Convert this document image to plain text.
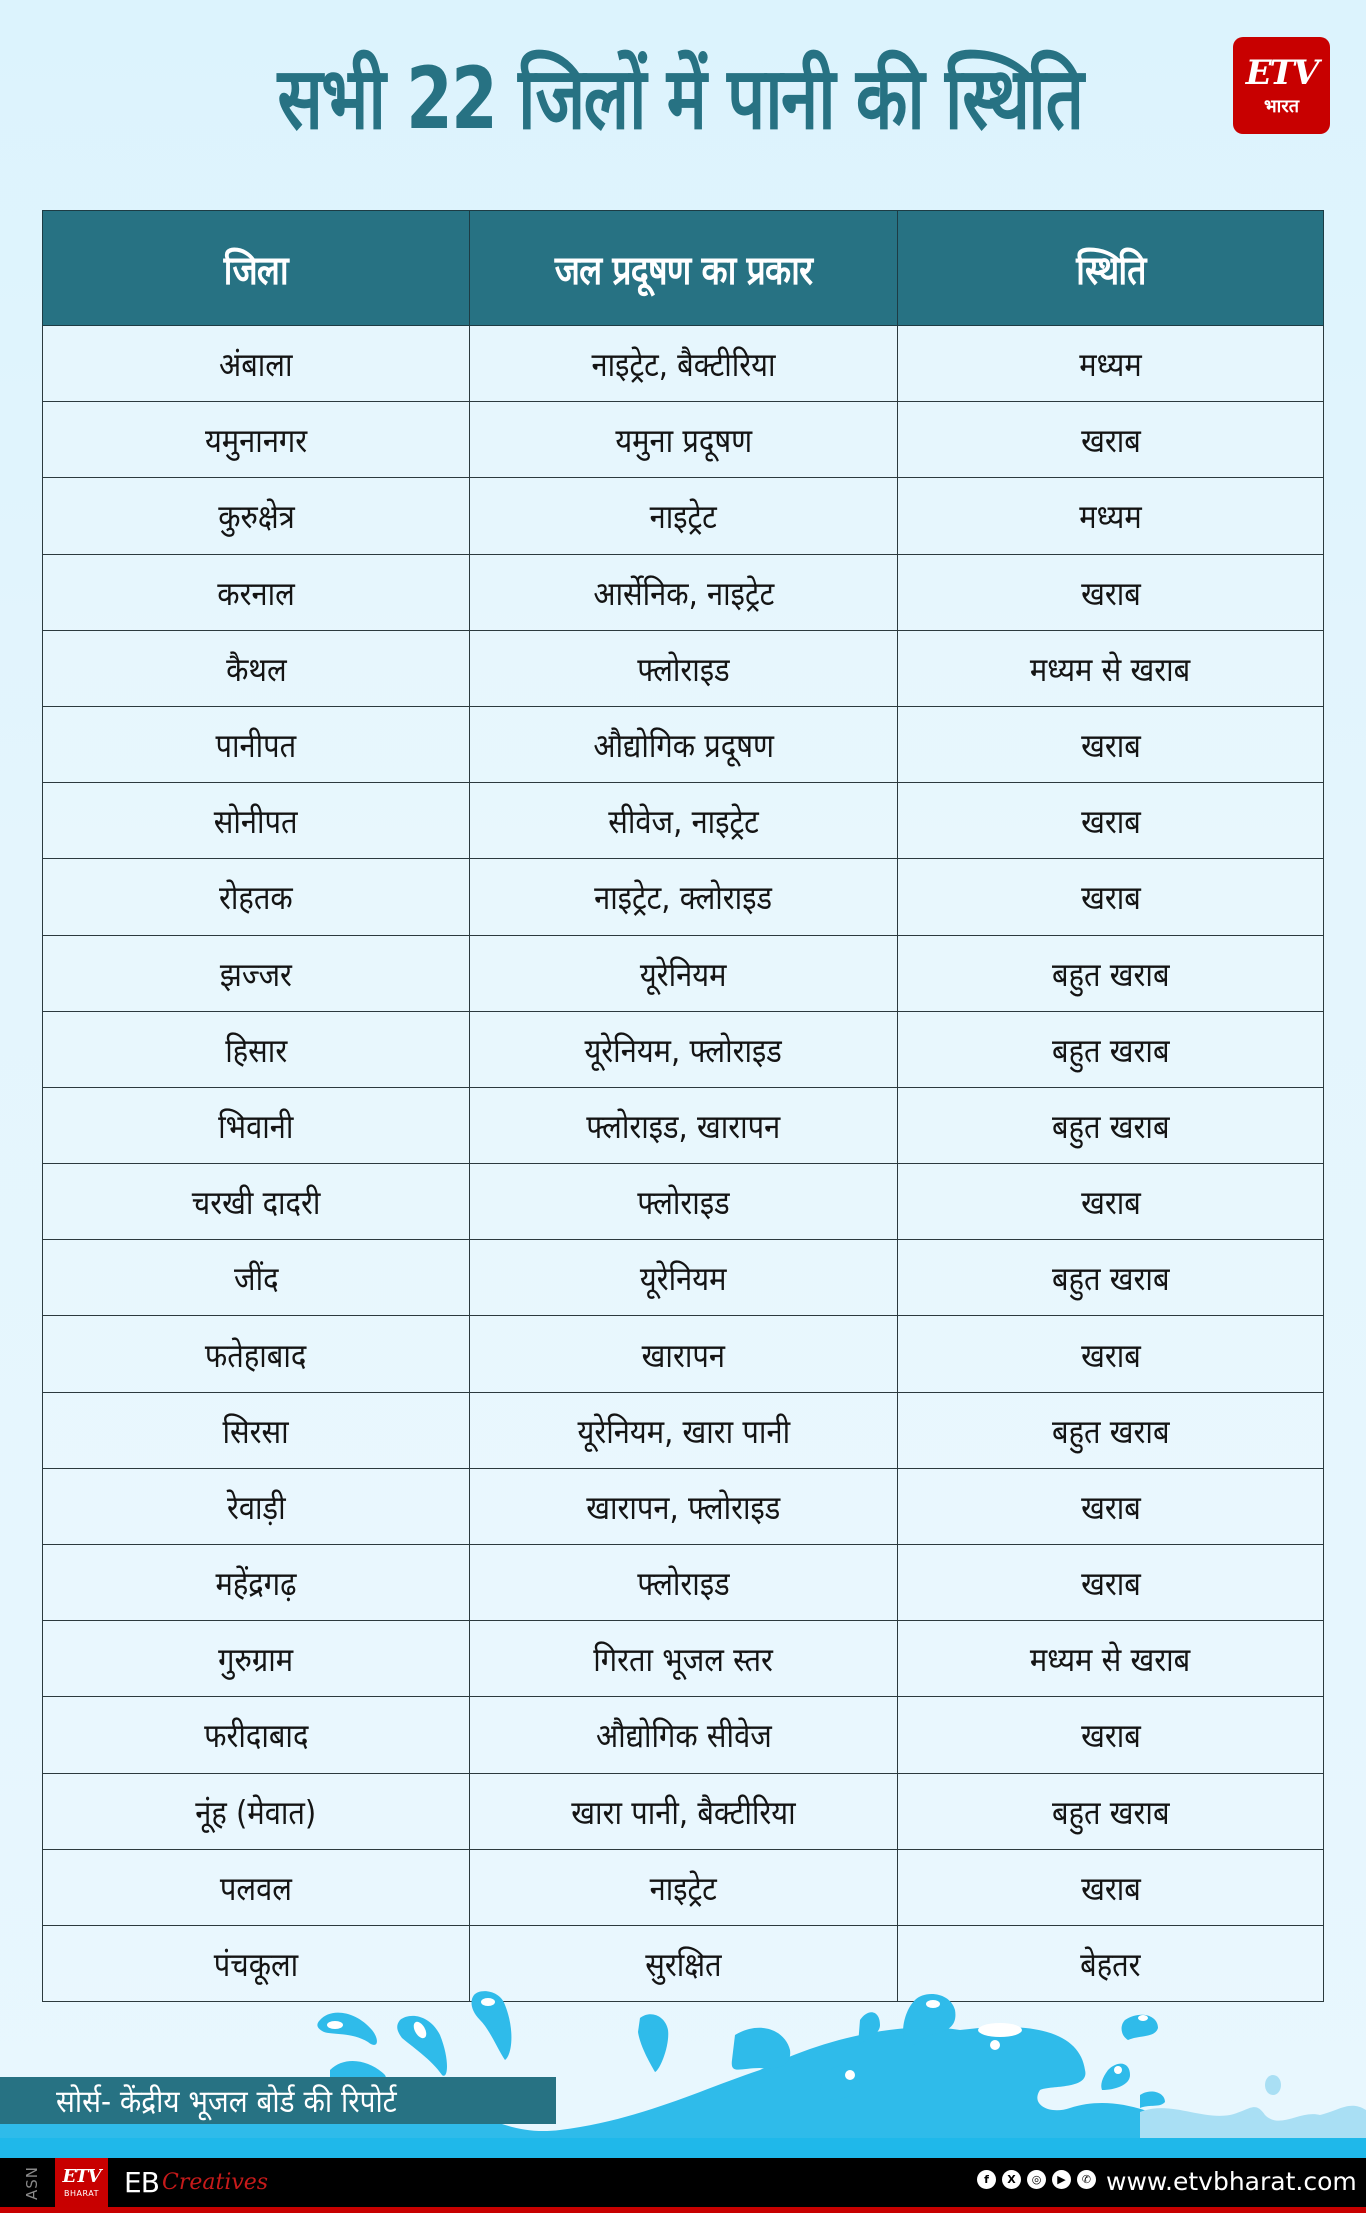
सभी 22 जिलों में पानी की स्थिति	ETV
भारत
जिला	जल प्रदूषण का प्रकार	स्थिति
अंबाला	नाइट्रेट, बैक्टीरिया	मध्यम
यमुनानगर	यमुना प्रदूषण	खराब
कुरुक्षेत्र	नाइट्रेट	मध्यम
करनाल	आर्सेनिक, नाइट्रेट	खराब
कैथल	फ्लोराइड	मध्यम से खराब
पानीपत	औद्योगिक प्रदूषण	खराब
सोनीपत	सीवेज, नाइट्रेट	खराब
रोहतक	नाइट्रेट, क्लोराइड	खराब
झज्जर	यूरेनियम	बहुत खराब
हिसार	यूरेनियम, फ्लोराइड	बहुत खराब
भिवानी	फ्लोराइड, खारापन	बहुत खराब
चरखी दादरी	फ्लोराइड	खराब
जींद	यूरेनियम	बहुत खराब
फतेहाबाद	खारापन	खराब
सिरसा	यूरेनियम, खारा पानी	बहुत खराब
रेवाड़ी	खारापन, फ्लोराइड	खराब
महेंद्रगढ़	फ्लोराइड	खराब
गुरुग्राम	गिरता भूजल स्तर	मध्यम से खराब
फरीदाबाद	औद्योगिक सीवेज	खराब
नूंह (मेवात)	खारा पानी, बैक्टीरिया	बहुत खराब
पलवल	नाइट्रेट	खराब
पंचकूला	सुरक्षित	बेहतर
सोर्स- केंद्रीय भूजल बोर्ड की रिपोर्ट
ASN	ETV
BHARAT EB Creatives	f	X	◎	▶	✆ www.etvbharat.com
